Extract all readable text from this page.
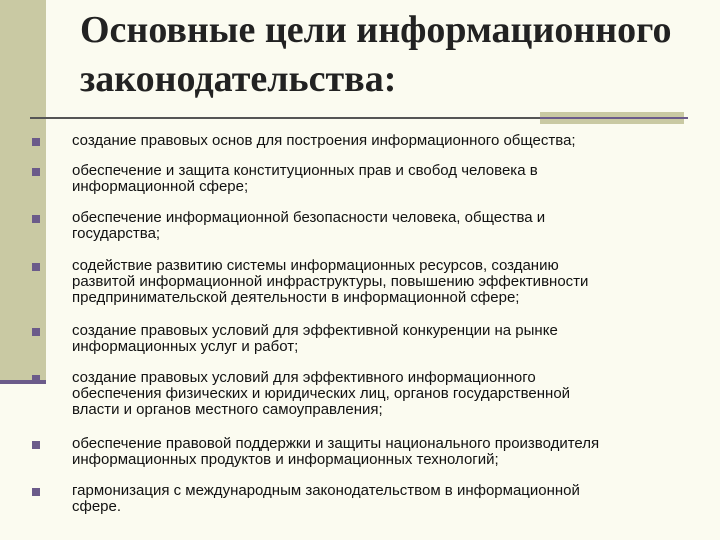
Основные цели информационного
законодательства:
создание правовых основ для построения информационного общества;
обеспечение и защита конституционных прав и свобод человека в
информационной сфере;
обеспечение информационной безопасности человека, общества и
государства;
содействие развитию системы информационных ресурсов, созданию
развитой информационной инфраструктуры, повышению эффективности
предпринимательской деятельности в информационной сфере;
создание правовых условий для эффективной конкуренции на рынке
информационных услуг и работ;
создание правовых условий для эффективного информационного
обеспечения физических и юридических лиц, органов государственной
власти и органов местного самоуправления;
обеспечение правовой поддержки и защиты национального производителя
информационных продуктов и информационных технологий;
гармонизация с международным законодательством в информационной
сфере.
